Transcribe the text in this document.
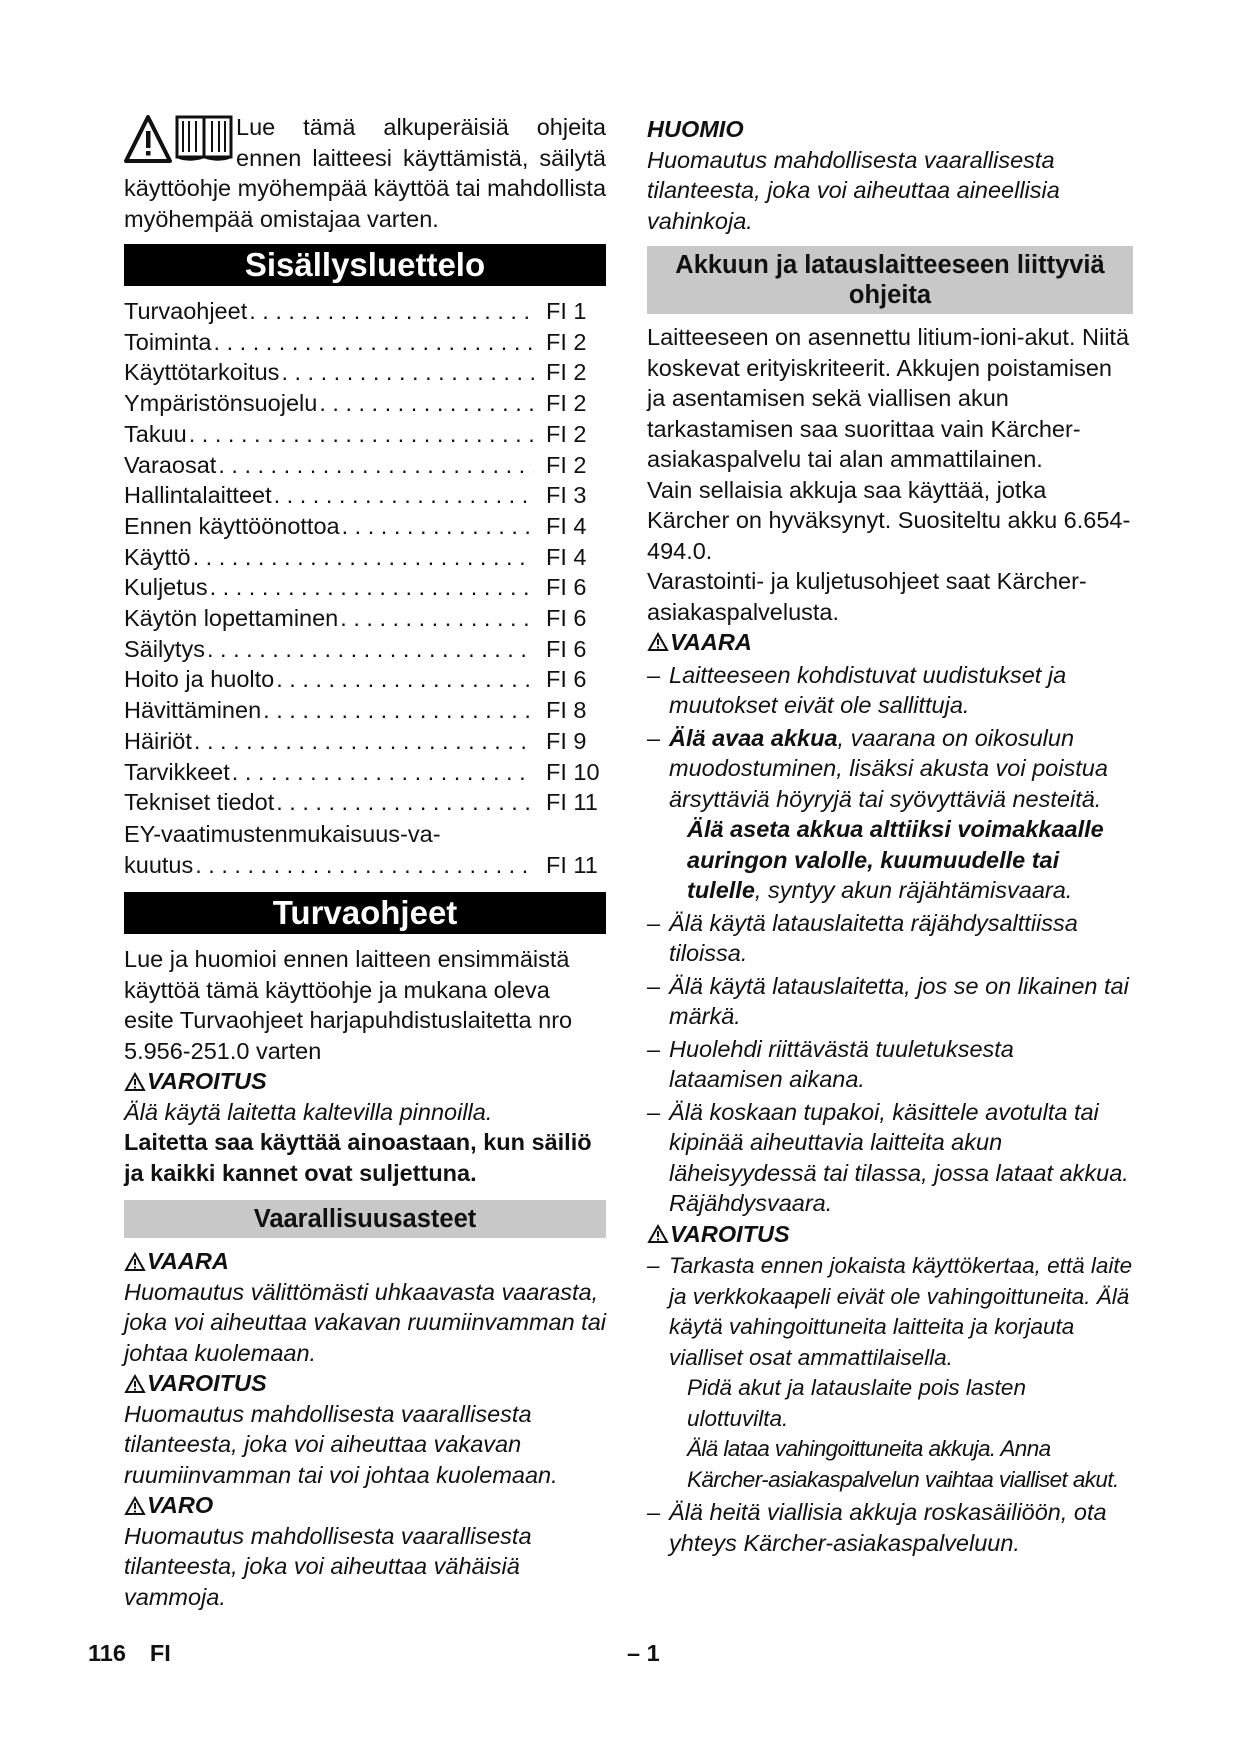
Lue tämä alkuperäisiä ohjeita ennen laitteesi käyttämistä, säilytä käyttöohje myöhempää käyttöä tai mahdollista myöhempää omistajaa varten.

Sisällysluettelo
Turvaohjeet . . .	FI 1
Toiminta . . .	FI 2
Käyttötarkoitus . . .	FI 2
Ympäristönsuojelu . . .	FI 2
Takuu . . .	FI 2
Varaosat . . .	FI 2
Hallintalaitteet . . .	FI 3
Ennen käyttöönottoa . . .	FI 4
Käyttö . . .	FI 4
Kuljetus . . .	FI 6
Käytön lopettaminen . . .	FI 6
Säilytys . . .	FI 6
Hoito ja huolto . . .	FI 6
Hävittäminen . . .	FI 8
Häiriöt . . .	FI 9
Tarvikkeet . . .	FI 10
Tekniset tiedot . . .	FI 11
EY-vaatimustenmukaisuus-va-
kuutus . . .	FI 11
Turvaohjeet

Lue ja huomioi ennen laitteen ensimmäistä käyttöä tämä käyttöohje ja mukana oleva esite Turvaohjeet harjapuhdistuslaitetta nro 5.956-251.0 varten

VAROITUS

Älä käytä laitetta kaltevilla pinnoilla.

Laitetta saa käyttää ainoastaan, kun säiliö ja kaikki kannet ovat suljettuna.

Vaarallisuusasteet
VAARA

Huomautus välittömästi uhkaavasta vaarasta, joka voi aiheuttaa vakavan ruumiinvamman tai johtaa kuolemaan.

VAROITUS

Huomautus mahdollisesta vaarallisesta tilanteesta, joka voi aiheuttaa vakavan ruumiinvamman tai voi johtaa kuolemaan.

VARO

Huomautus mahdollisesta vaarallisesta tilanteesta, joka voi aiheuttaa vähäisiä vammoja.

HUOMIO

Huomautus mahdollisesta vaarallisesta tilanteesta, joka voi aiheuttaa aineellisia vahinkoja.

Akkuun ja latauslaitteeseen liittyviä ohjeita

Laitteeseen on asennettu litium-ioni-akut. Niitä koskevat erityiskriteerit. Akkujen poistamisen ja asentamisen sekä viallisen akun tarkastamisen saa suorittaa vain Kärcher-asiakaspalvelu tai alan ammattilainen.

Vain sellaisia akkuja saa käyttää, jotka Kärcher on hyväksynyt. Suositeltu akku 6.654-494.0.

Varastointi- ja kuljetusohjeet saat Kärcher-asiakaspalvelusta.

VAARA
– Laitteeseen kohdistuvat uudistukset ja muutokset eivät ole sallittuja.
– Älä avaa akkua, vaarana on oikosulun muodostuminen, lisäksi akusta voi poistua ärsyttäviä höyryjä tai syövyttäviä nesteitä.
Älä aseta akkua alttiiksi voimakkaalle auringon valolle, kuumuudelle tai tulelle, syntyy akun räjähtämisvaara.
– Älä käytä latauslaitetta räjähdysalttiissa tiloissa.
– Älä käytä latauslaitetta, jos se on likainen tai märkä.
– Huolehdi riittävästä tuuletuksesta lataamisen aikana.
– Älä koskaan tupakoi, käsittele avotulta tai kipinää aiheuttavia laitteita akun läheisyydessä tai tilassa, jossa lataat akkua. Räjähdysvaara.
VAROITUS
– Tarkasta ennen jokaista käyttökertaa, että laite ja verkkokaapeli eivät ole vahingoittuneita. Älä käytä vahingoittuneita laitteita ja korjauta vialliset osat ammattilaisella.
Pidä akut ja latauslaite pois lasten ulottuvilta.
Älä lataa vahingoittuneita akkuja. Anna Kärcher-asiakaspalvelun vaihtaa vialliset akut.
– Älä heitä viallisia akkuja roskasäiliöön, ota yhteys Kärcher-asiakaspalveluun.
116 FI	– 1
